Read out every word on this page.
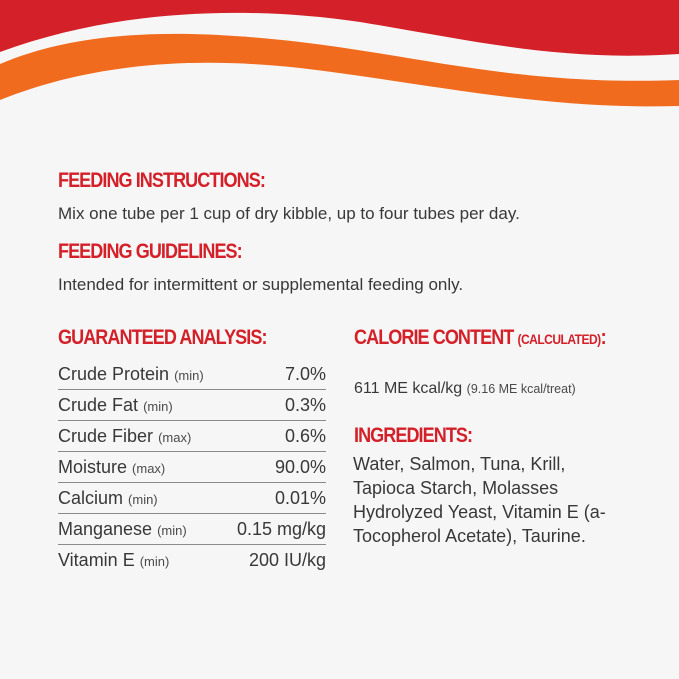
FEEDING INSTRUCTIONS:

Mix one tube per 1 cup of dry kibble, up to four tubes per day.

FEEDING GUIDELINES:

Intended for intermittent or supplemental feeding only.

GUARANTEED ANALYSIS:
Crude Protein (min)	7.0%
Crude Fat (min)	0.3%
Crude Fiber (max)	0.6%
Moisture (max)	90.0%
Calcium (min)	0.01%
Manganese (min)	0.15 mg/kg
Vitamin E (min)	200 IU/kg
CALORIE CONTENT (CALCULATED):

611 ME kcal/kg (9.16 ME kcal/treat)

INGREDIENTS:

Water, Salmon, Tuna, Krill, Tapioca Starch, Molasses Hydrolyzed Yeast, Vitamin E (a-Tocopherol Acetate), Taurine.
